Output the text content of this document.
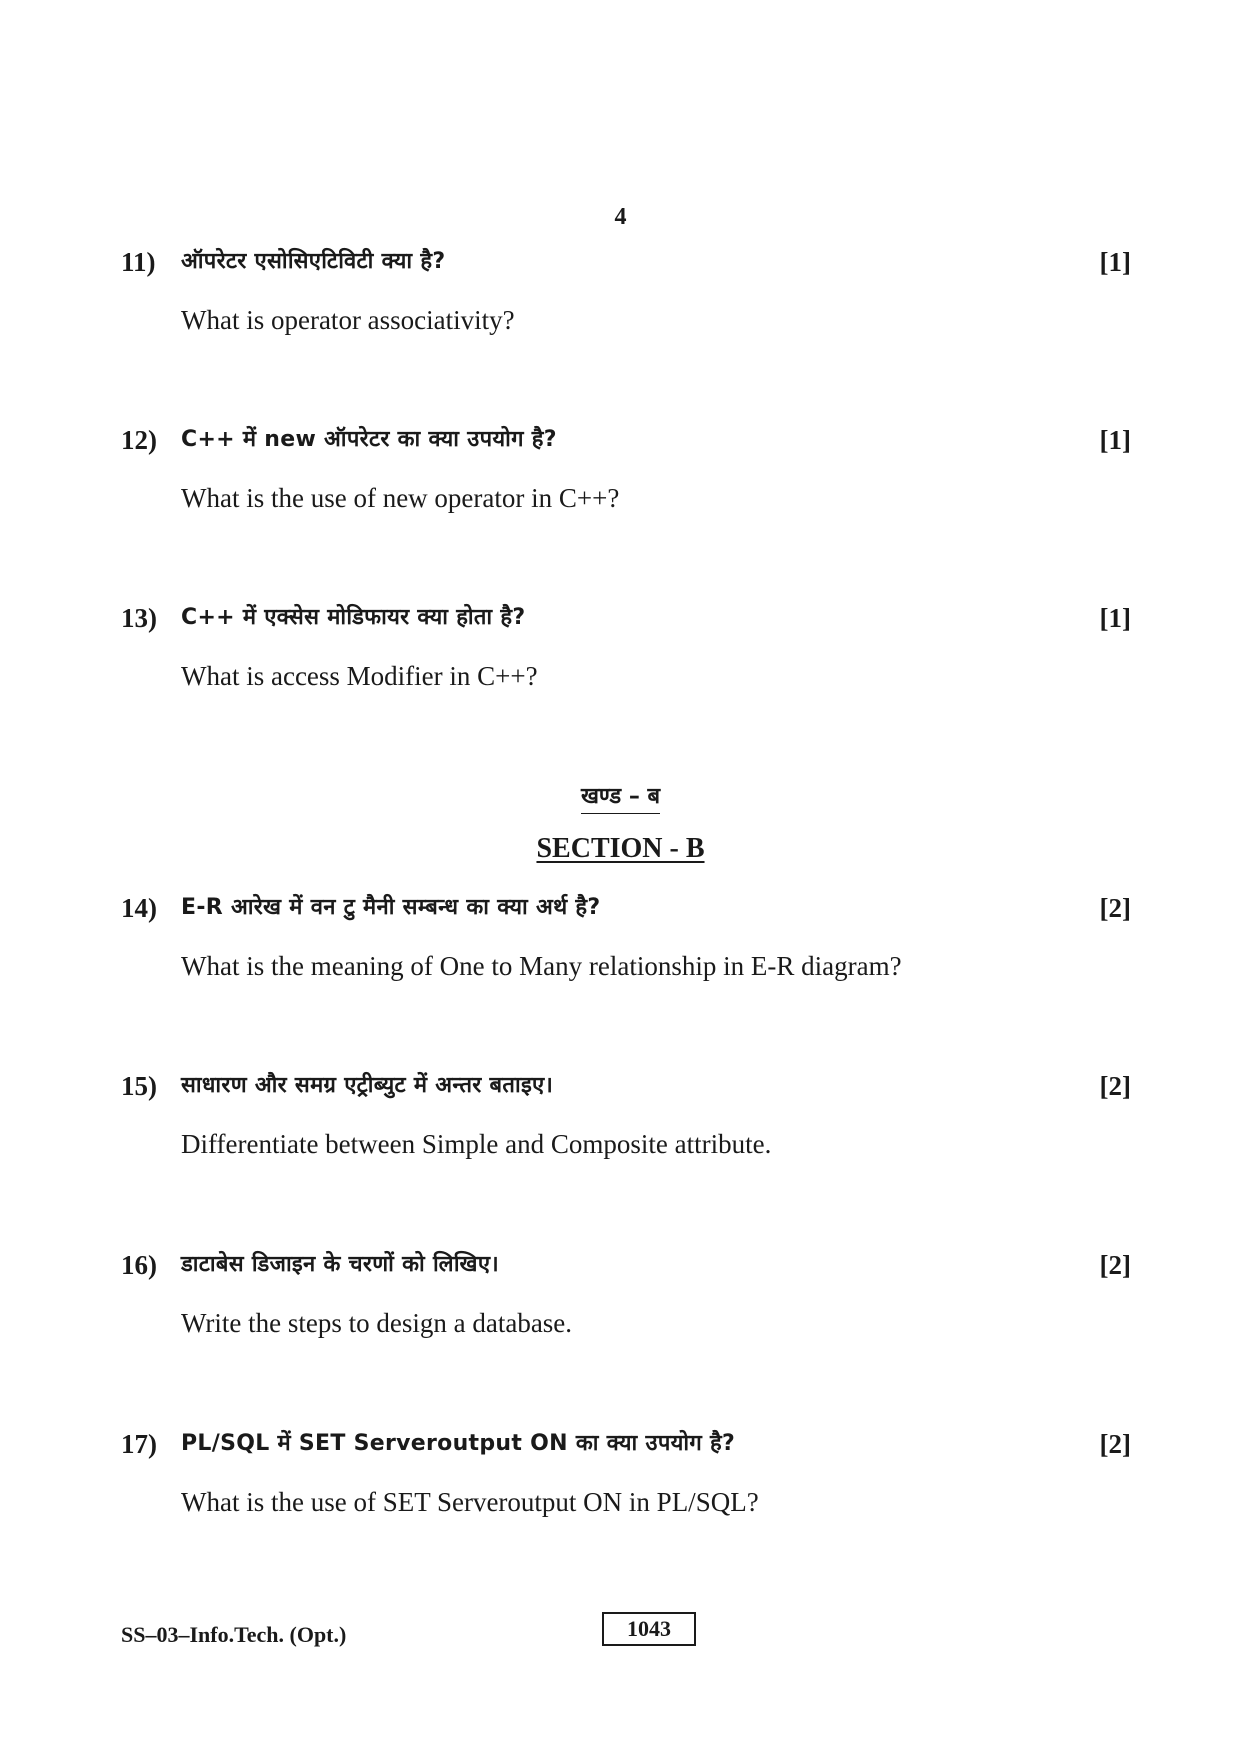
4
11) ऑपरेटर एसोसिएटिविटी क्या है?	[1]
What is operator associativity?
12) C++ में new ऑपरेटर का क्या उपयोग है?	[1]
What is the use of new operator in C++?
13) C++ में एक्सेस मोडिफायर क्या होता है?	[1]
What is access Modifier in C++?
खण्ड – ब
SECTION - B
14) E-R आरेख में वन टु मैनी सम्बन्ध का क्या अर्थ है?	[2]
What is the meaning of One to Many relationship in E-R diagram?
15) साधारण और समग्र एट्रीब्युट में अन्तर बताइए।	[2]
Differentiate between Simple and Composite attribute.
16) डाटाबेस डिजाइन के चरणों को लिखिए।	[2]
Write the steps to design a database.
17) PL/SQL में SET Serveroutput ON का क्या उपयोग है?	[2]
What is the use of SET Serveroutput ON in PL/SQL?
SS–03–Info.Tech. (Opt.)	1043
